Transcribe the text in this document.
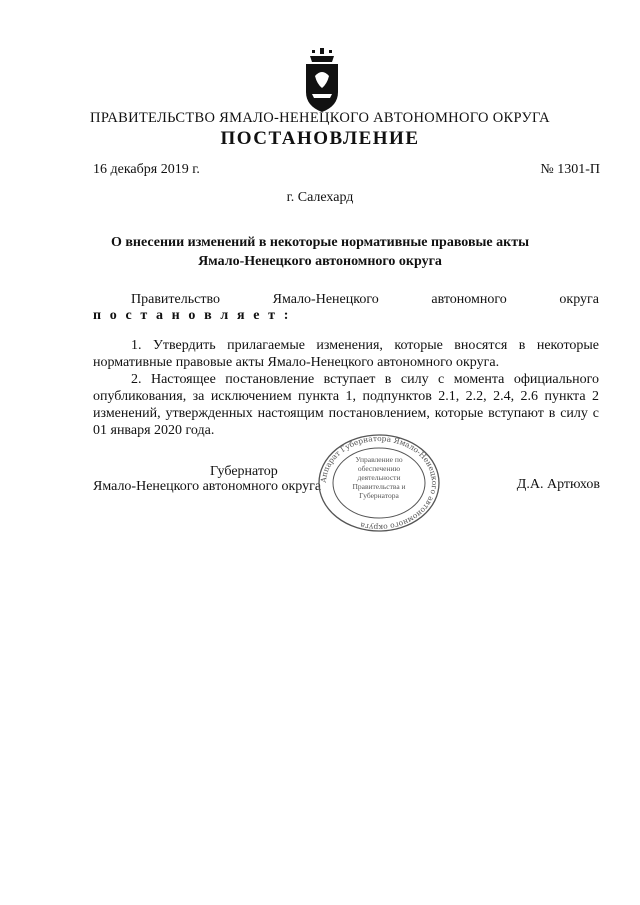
ПРАВИТЕЛЬСТВО ЯМАЛО-НЕНЕЦКОГО АВТОНОМНОГО ОКРУГА
ПОСТАНОВЛЕНИЕ
16 декабря 2019 г.	№ 1301-П
г. Салехард
О внесении изменений в некоторые нормативные правовые акты
Ямало-Ненецкого автономного округа
Правительство	Ямало-Ненецкого	автономного	округа
п о с т а н о в л я е т :
1. Утвердить прилагаемые изменения, которые вносятся в некоторые нормативные правовые акты Ямало-Ненецкого автономного округа.
2. Настоящее постановление вступает в силу с момента официального опубликования, за исключением пункта 1, подпунктов 2.1, 2.2, 2.4, 2.6 пункта 2 изменений, утвержденных настоящим постановлением, которые вступают в силу с 01 января 2020 года.
Губернатор
Ямало-Ненецкого автономного округа	Д.А. Артюхов
Аппарат Губернатора Ямало-Ненецкого автономного округа
Управление по обеспечению деятельности Правительства и Губернатора
